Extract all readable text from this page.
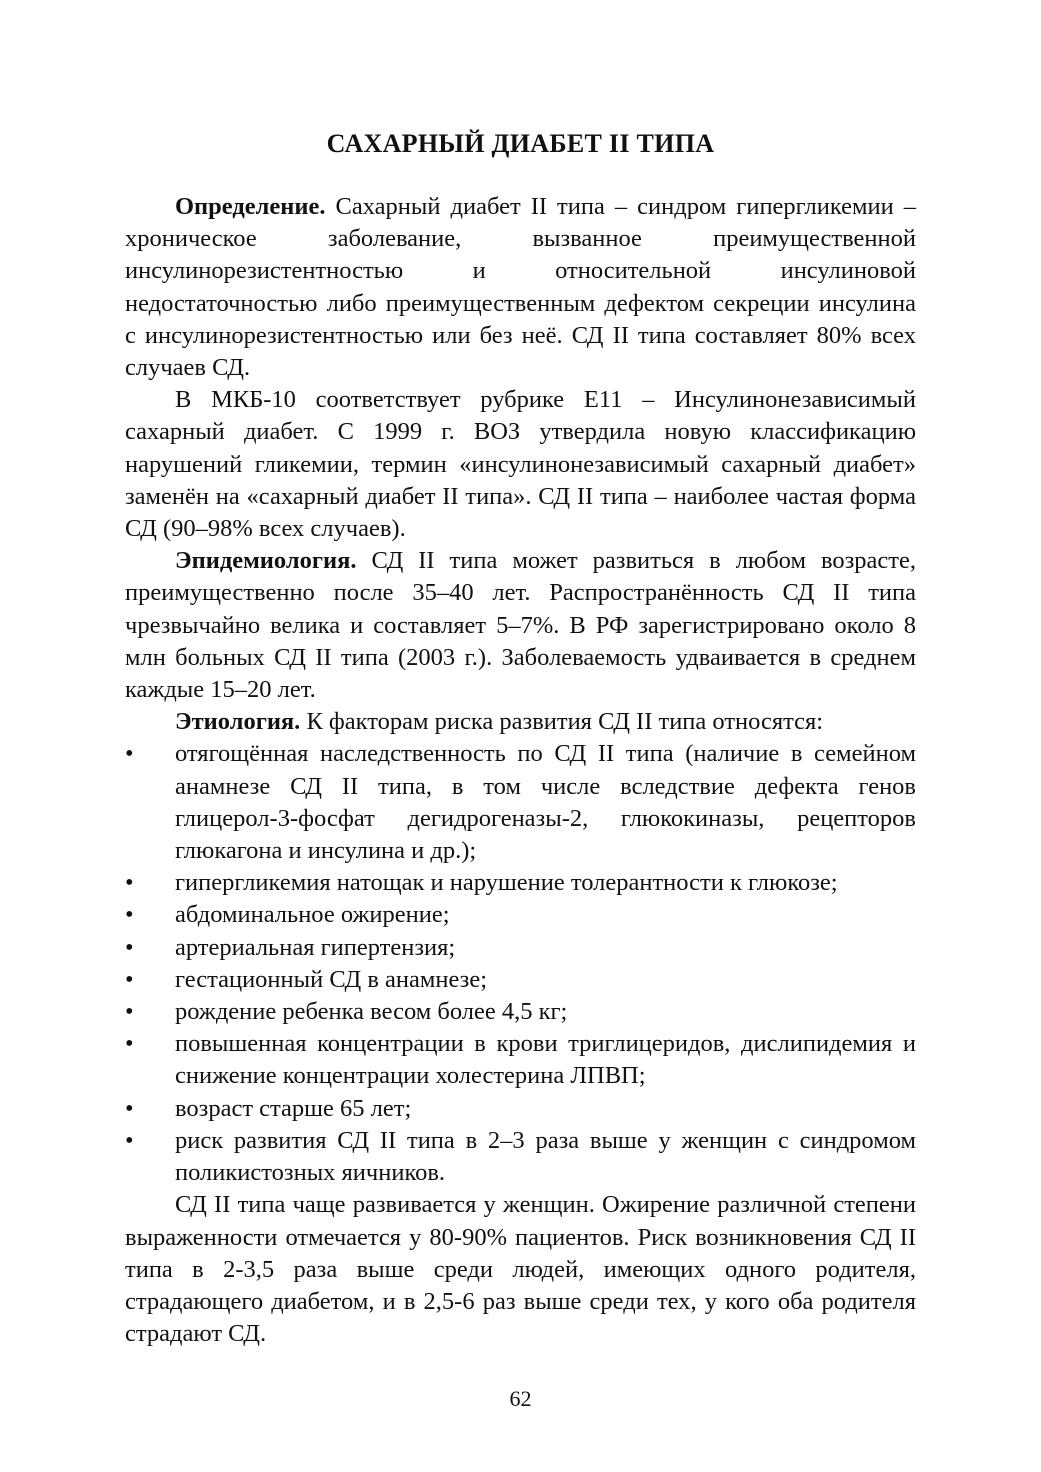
САХАРНЫЙ ДИАБЕТ II ТИПА

Определение. Сахарный диабет II типа – синдром гипергликемии – хроническое заболевание, вызванное преимущественной инсулинорезистентностью и относительной инсулиновой недостаточностью либо преимущественным дефектом секреции инсулина с инсулинорезистентностью или без неё. СД II типа составляет 80% всех случаев СД.

В МКБ-10 соответствует рубрике Е11 – Инсулинонезависимый сахарный диабет. С 1999 г. ВОЗ утвердила новую классификацию нарушений гликемии, термин «инсулинонезависимый сахарный диабет» заменён на «сахарный диабет II типа». СД II типа – наиболее частая форма СД (90–98% всех случаев).

Эпидемиология. СД II типа может развиться в любом возрасте, преимущественно после 35–40 лет. Распространённость СД II типа чрезвычайно велика и составляет 5–7%. В РФ зарегистрировано около 8 млн больных СД II типа (2003 г.). Заболеваемость удваивается в среднем каждые 15–20 лет.

Этиология. К факторам риска развития СД II типа относятся:

•	отягощённая наследственность по СД II типа (наличие в семейном анамнезе СД II типа, в том числе вследствие дефекта генов глицерол-3-фосфат дегидрогеназы-2, глюкокиназы, рецепторов глюкагона и инсулина и др.);
•	гипергликемия натощак и нарушение толерантности к глюкозе;
•	абдоминальное ожирение;
•	артериальная гипертензия;
•	гестационный СД в анамнезе;
•	рождение ребенка весом более 4,5 кг;
•	повышенная концентрации в крови триглицеридов, дислипидемия и снижение концентрации холестерина ЛПВП;
•	возраст старше 65 лет;
•	риск развития СД II типа в 2–3 раза выше у женщин с синдромом поликистозных яичников.

СД II типа чаще развивается у женщин. Ожирение различной степени выраженности отмечается у 80-90% пациентов. Риск возникновения СД II типа в 2-3,5 раза выше среди людей, имеющих одного родителя, страдающего диабетом, и в 2,5-6 раз выше среди тех, у кого оба родителя страдают СД.

62
